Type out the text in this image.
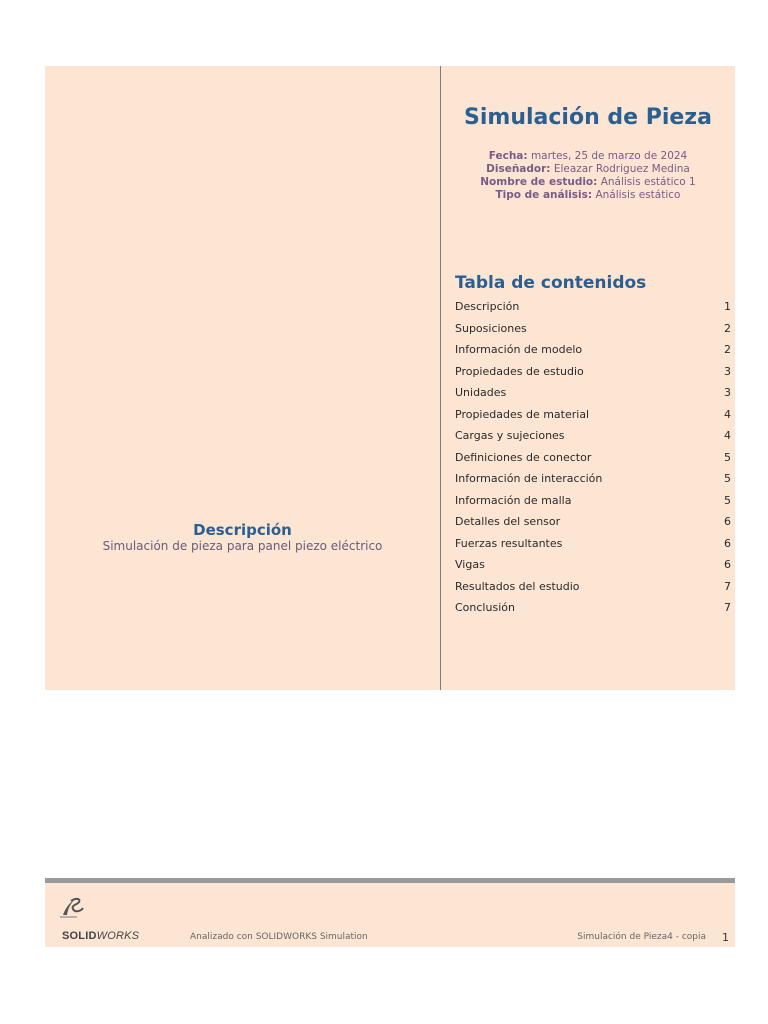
Descripción
Simulación de pieza para panel piezo eléctrico
Simulación de Pieza
Fecha: martes, 25 de marzo de 2024
Diseñador: Eleazar Rodriguez Medina
Nombre de estudio: Análisis estático 1
Tipo de análisis: Análisis estático
Tabla de contenidos
Descripción	1
Suposiciones	2
Información de modelo	2
Propiedades de estudio	3
Unidades	3
Propiedades de material	4
Cargas y sujeciones	4
Definiciones de conector	5
Información de interacción	5
Información de malla	5
Detalles del sensor	6
Fuerzas resultantes	6
Vigas	6
Resultados del estudio	7
Conclusión	7
SOLIDWORKS	Analizado con SOLIDWORKS Simulation	Simulación de Pieza4 - copia 1
